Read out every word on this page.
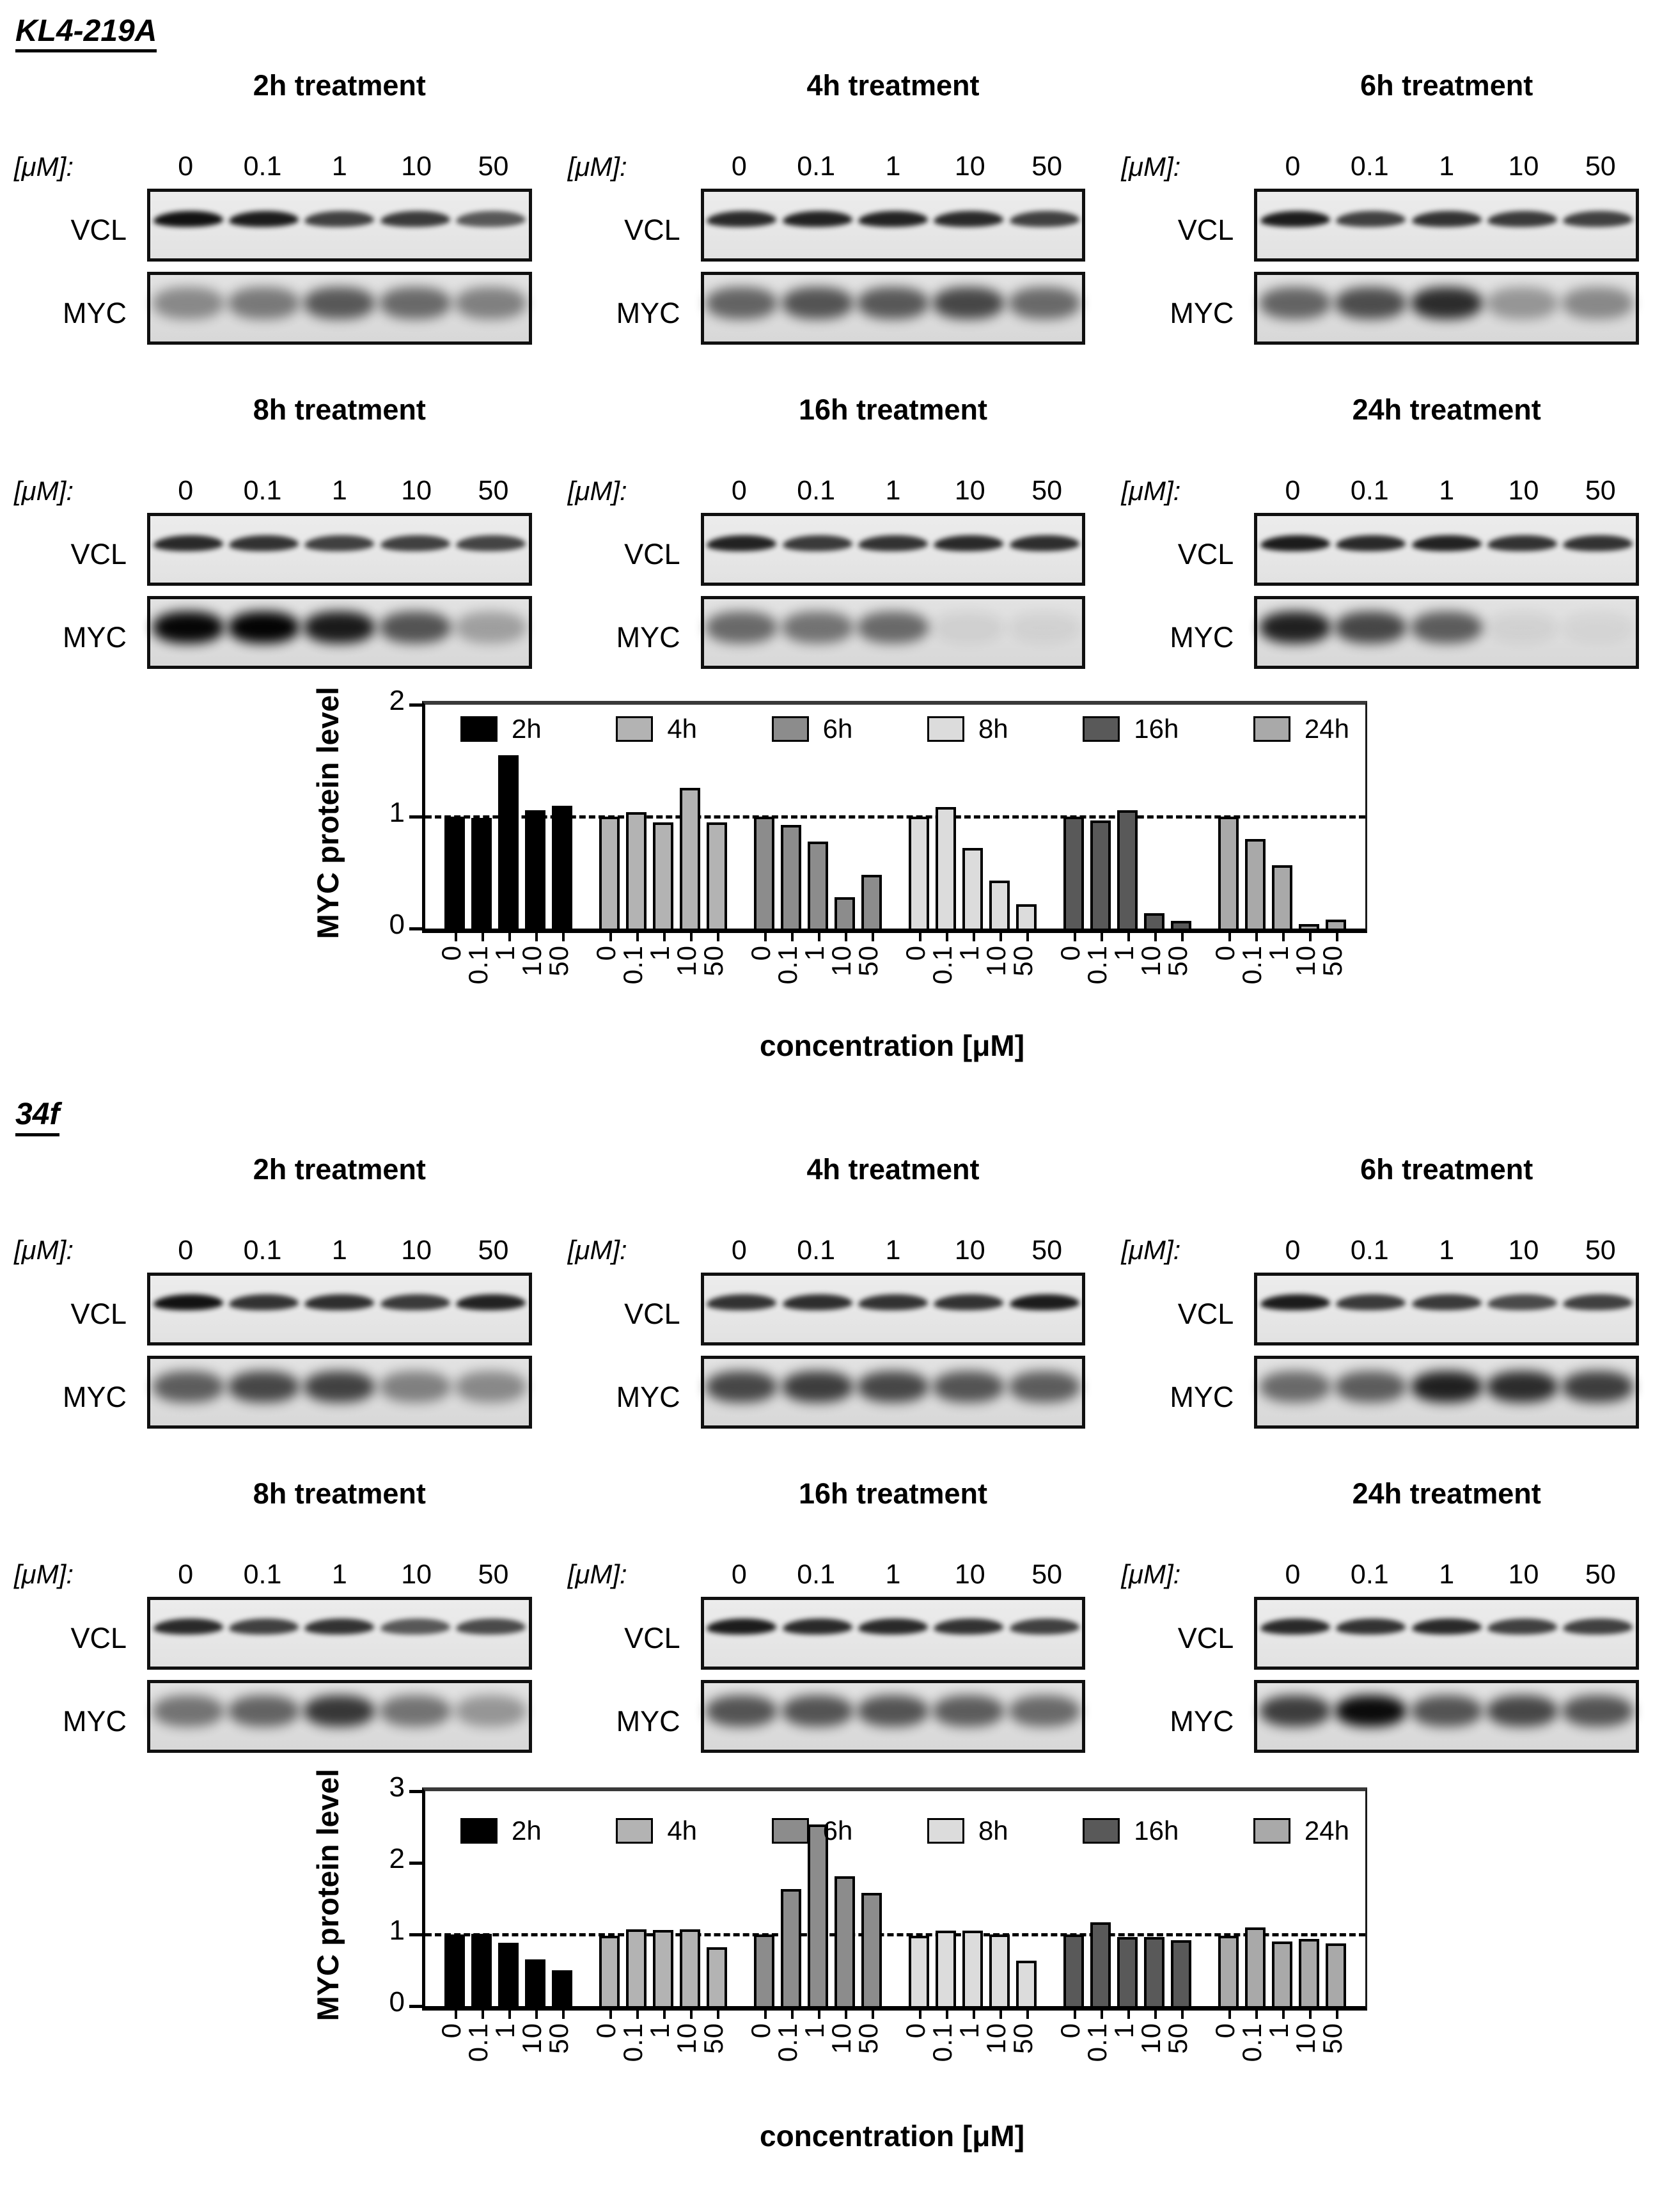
KL4-219A
2h treatment
[μM]:	0	0.1	1	10	50
VCL
MYC
4h treatment
[μM]:	0	0.1	1	10	50
VCL
MYC
6h treatment
[μM]:	0	0.1	1	10	50
VCL
MYC
8h treatment
[μM]:	0	0.1	1	10	50
VCL
MYC
16h treatment
[μM]:	0	0.1	1	10	50
VCL
MYC
24h treatment
[μM]:	0	0.1	1	10	50
VCL
MYC
MYC protein level	2h	4h	6h	8h	16h	24h
0
1
2
0
0.1
1
10
50 0
0.1
1
10
50 0
0.1
1
10
50 0
0.1
1
10
50 0
0.1
1
10
50 0
0.1
1
10
50
concentration [μM]
34f
2h treatment
[μM]:	0	0.1	1	10	50
VCL
MYC
4h treatment
[μM]:	0	0.1	1	10	50
VCL
MYC
6h treatment
[μM]:	0	0.1	1	10	50
VCL
MYC
8h treatment
[μM]:	0	0.1	1	10	50
VCL
MYC
16h treatment
[μM]:	0	0.1	1	10	50
VCL
MYC
24h treatment
[μM]:	0	0.1	1	10	50
VCL
MYC
MYC protein level	2h	4h	6h	8h	16h	24h
0
1
2
3
0
0.1
1
10
50 0
0.1
1
10
50 0
0.1
1
10
50 0
0.1
1
10
50 0
0.1
1
10
50 0
0.1
1
10
50
concentration [μM]
